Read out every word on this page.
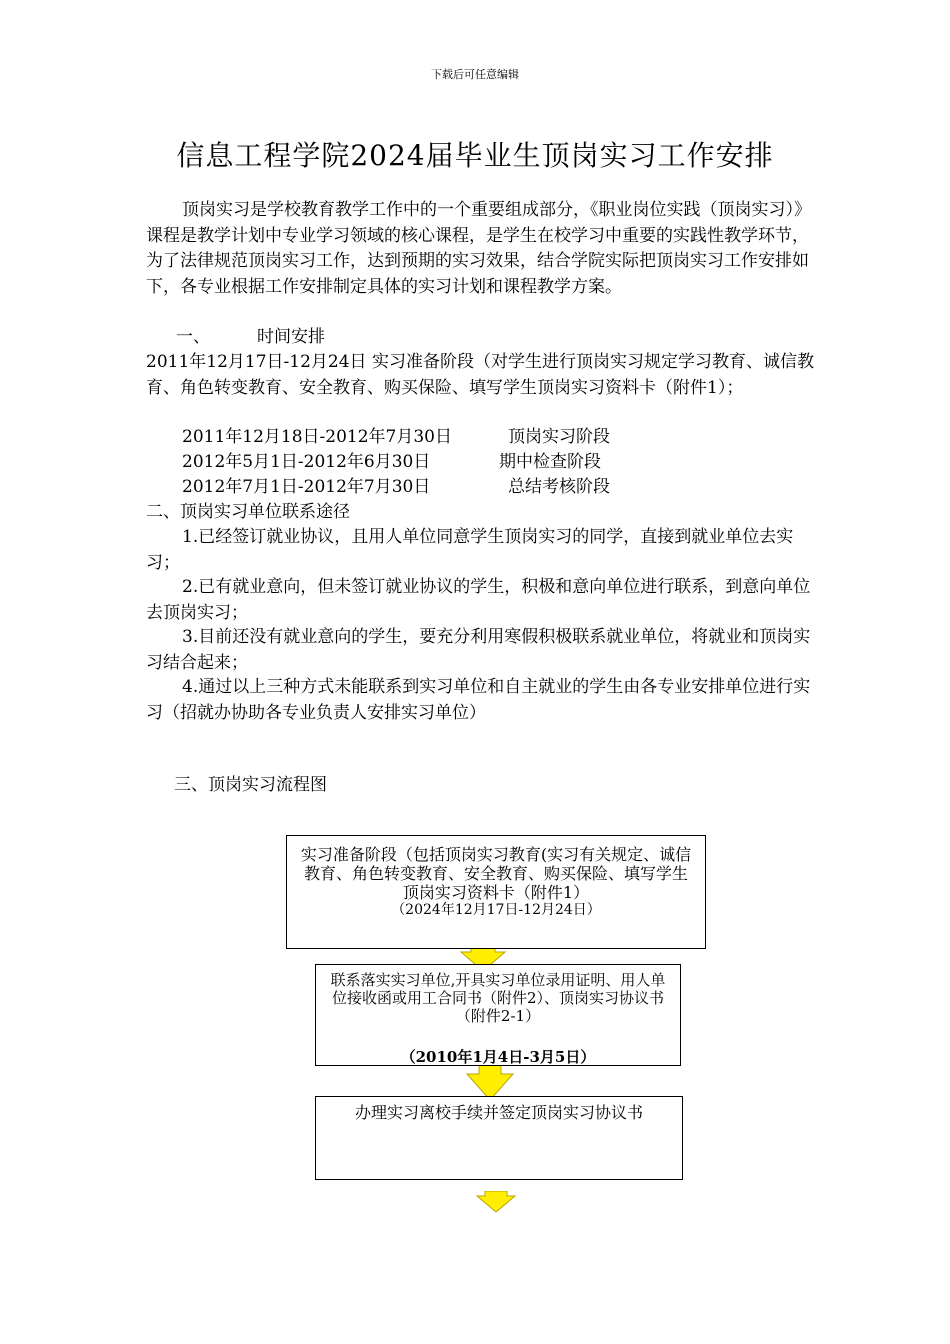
下载后可任意编辑
信息工程学院2024届毕业生顶岗实习工作安排

顶岗实习是学校教育教学工作中的一个重要组成部分，《职业岗位实践（顶岗实习）》课程是教学计划中专业学习领域的核心课程，是学生在校学习中重要的实践性教学环节，为了法律规范顶岗实习工作，达到预期的实习效果，结合学院实际把顶岗实习工作安排如下，各专业根据工作安排制定具体的实习计划和课程教学方案。

一、	时间安排

2011年12月17日-12月24日 实习准备阶段（对学生进行顶岗实习规定学习教育、诚信教育、角色转变教育、安全教育、购买保险、填写学生顶岗实习资料卡（附件1）；

2011年12月18日-2012年7月30日	顶岗实习阶段
2012年5月1日-2012年6月30日	期中检查阶段
2012年7月1日-2012年7月30日	总结考核阶段
二、顶岗实习单位联系途径

1.已经签订就业协议，且用人单位同意学生顶岗实习的同学，直接到就业单位去实习；

2.已有就业意向，但未签订就业协议的学生，积极和意向单位进行联系，到意向单位去顶岗实习；

3.目前还没有就业意向的学生，要充分利用寒假积极联系就业单位，将就业和顶岗实习结合起来；

4.通过以上三种方式未能联系到实习单位和自主就业的学生由各专业安排单位进行实习（招就办协助各专业负责人安排实习单位）

三、顶岗实习流程图
实习准备阶段（包括顶岗实习教育(实习有关规定、诚信教育、角色转变教育、安全教育、购买保险、填写学生顶岗实习资料卡（附件1）
（2024年12月17日-12月24日）
联系落实实习单位,开具实习单位录用证明、用人单位接收函或用工合同书（附件2）、顶岗实习协议书（附件2-1）
（2010年1月4日-3月5日）
办理实习离校手续并签定顶岗实习协议书
